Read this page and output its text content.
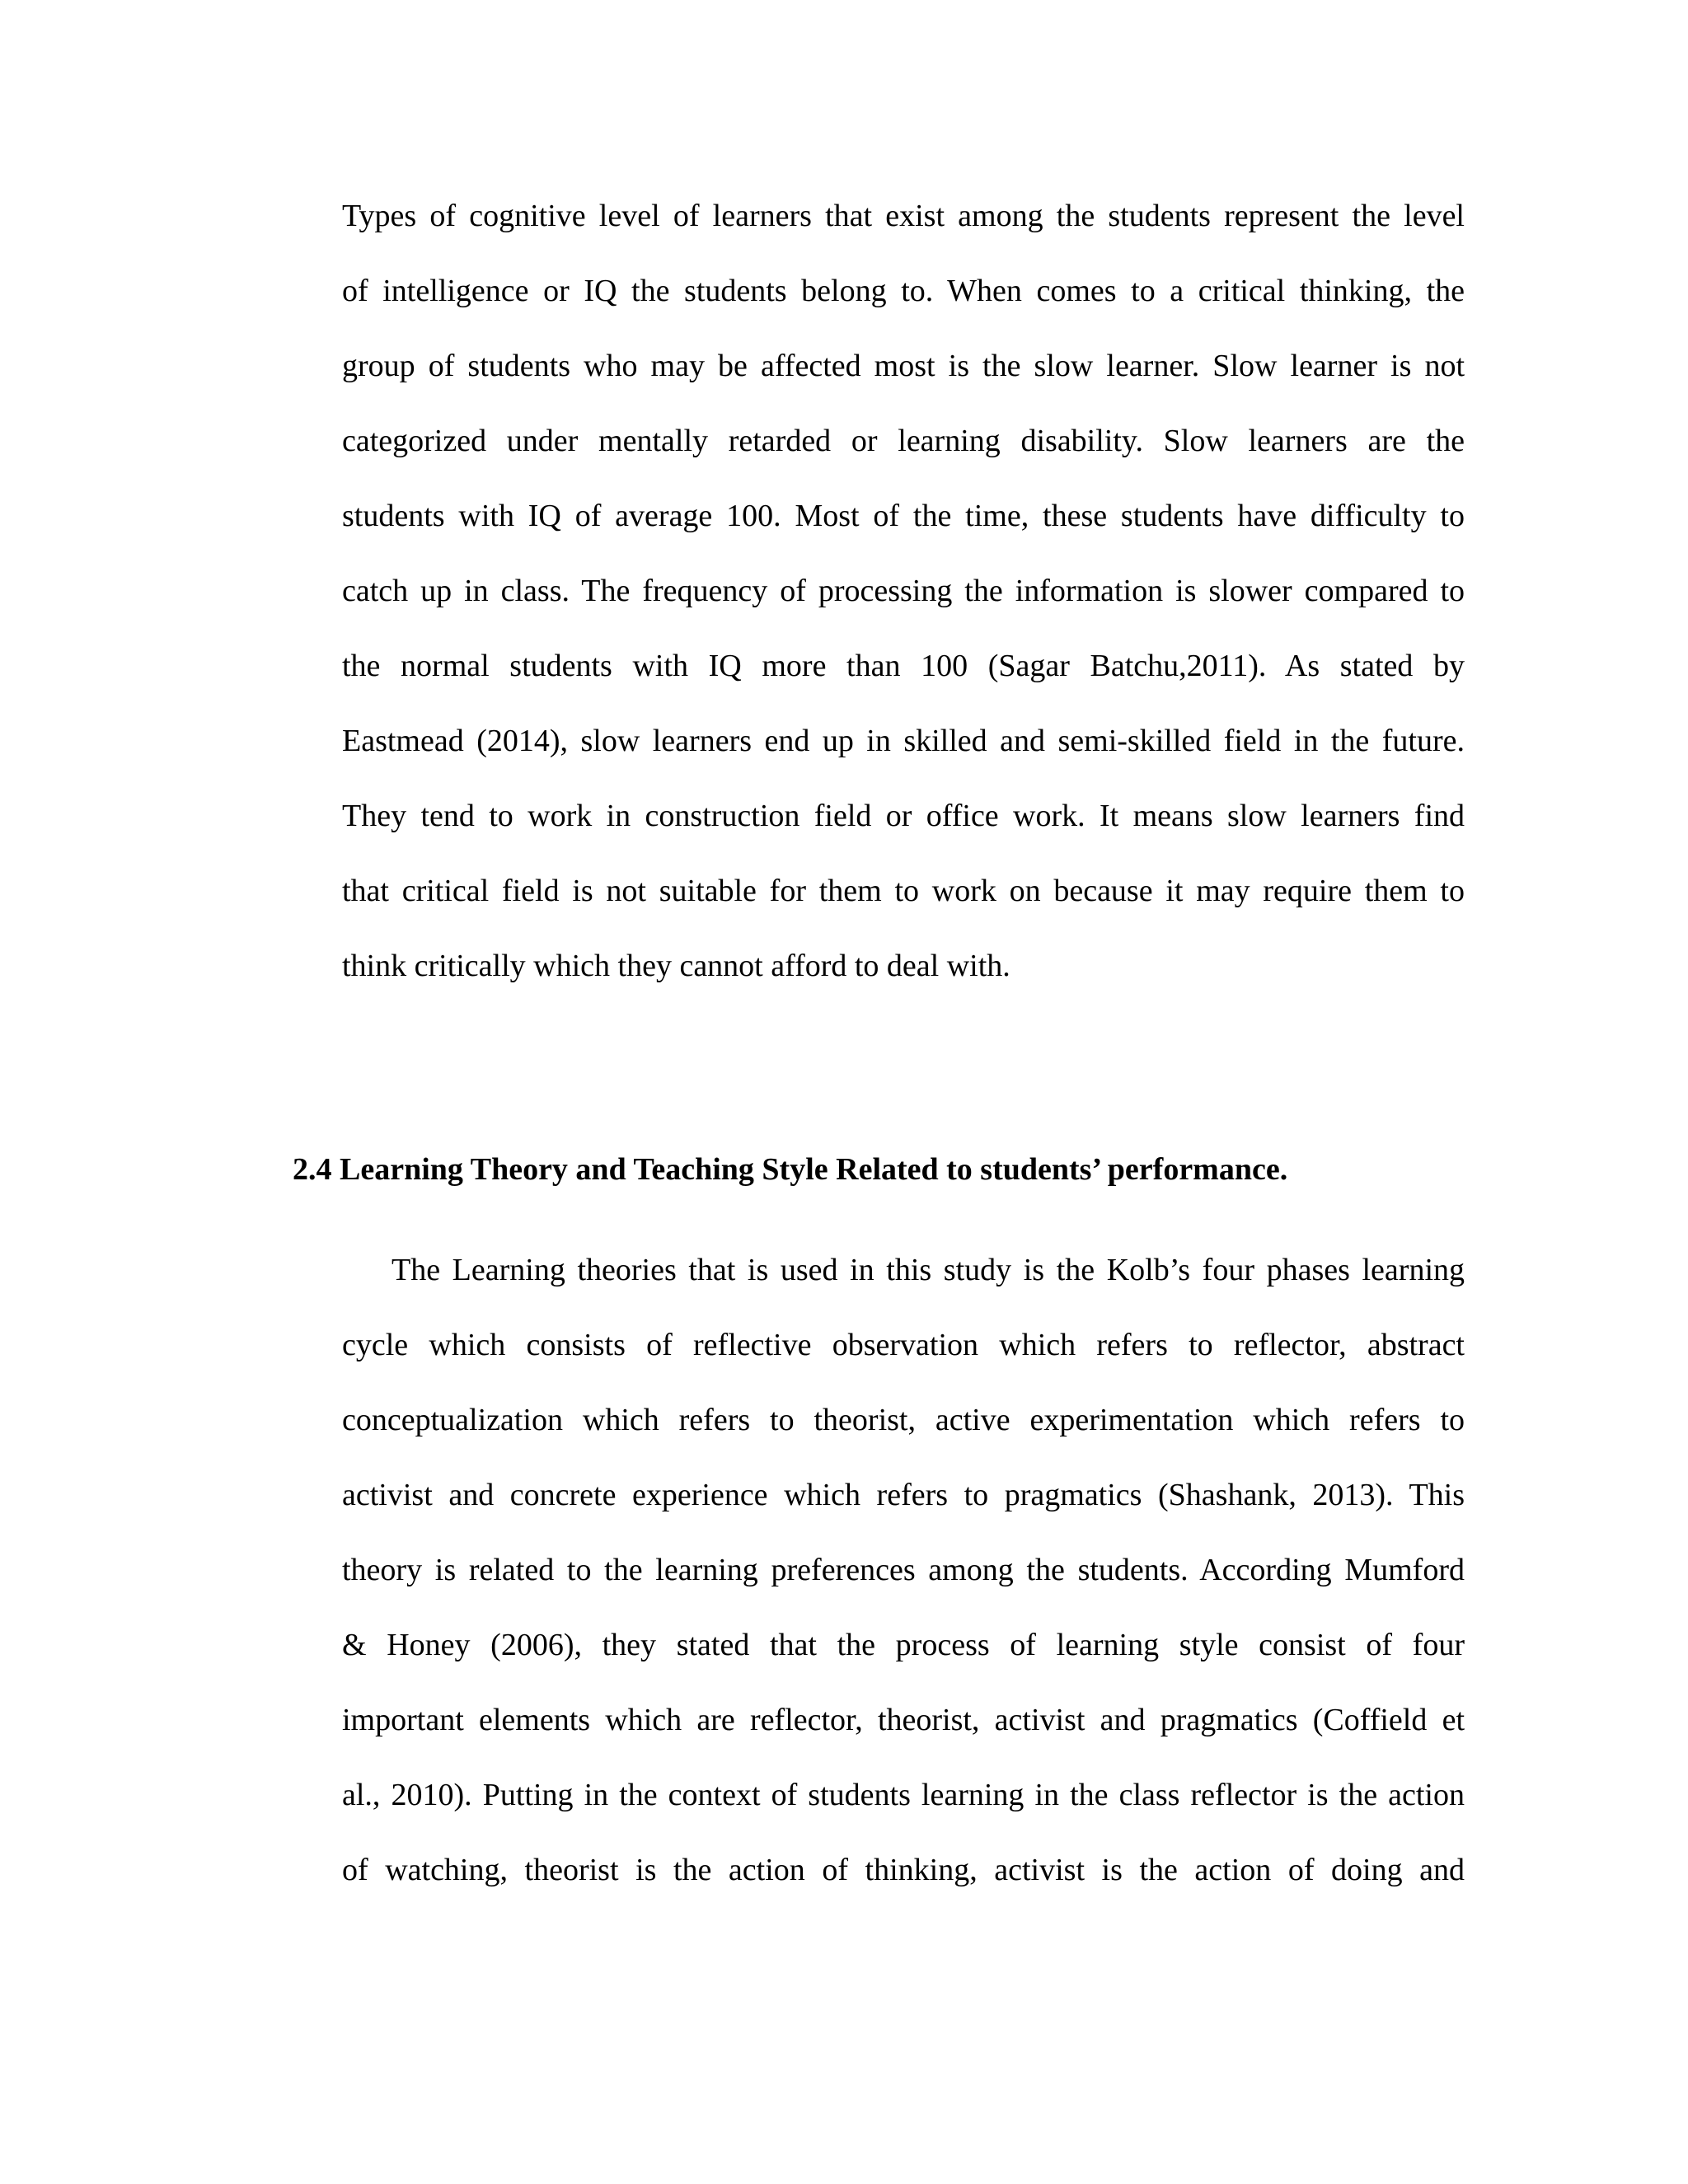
Types of cognitive level of learners that exist among the students represent the level
of intelligence or IQ the students belong to. When comes to a critical thinking, the
group of students who may be affected most is the slow learner. Slow learner is not
categorized under mentally retarded or learning disability. Slow learners are the
students with IQ of average 100. Most of the time, these students have difficulty to
catch up in class. The frequency of processing the information is slower compared to
the normal students with IQ more than 100 (Sagar Batchu,2011). As stated by
Eastmead (2014), slow learners end up in skilled and semi-skilled field in the future.
They tend to work in construction field or office work. It means slow learners find
that critical field is not suitable for them to work on because it may require them to
think critically which they cannot afford to deal with.
2.4 Learning Theory and Teaching Style Related to students’ performance.
The Learning theories that is used in this study is the Kolb’s four phases learning
cycle which consists of reflective observation which refers to reflector, abstract
conceptualization which refers to theorist, active experimentation which refers to
activist and concrete experience which refers to pragmatics (Shashank, 2013). This
theory is related to the learning preferences among the students. According Mumford
& Honey (2006), they stated that the process of learning style consist of four
important elements which are reflector, theorist, activist and pragmatics (Coffield et
al., 2010). Putting in the context of students learning in the class reflector is the action
of watching, theorist is the action of thinking, activist is the action of doing and
